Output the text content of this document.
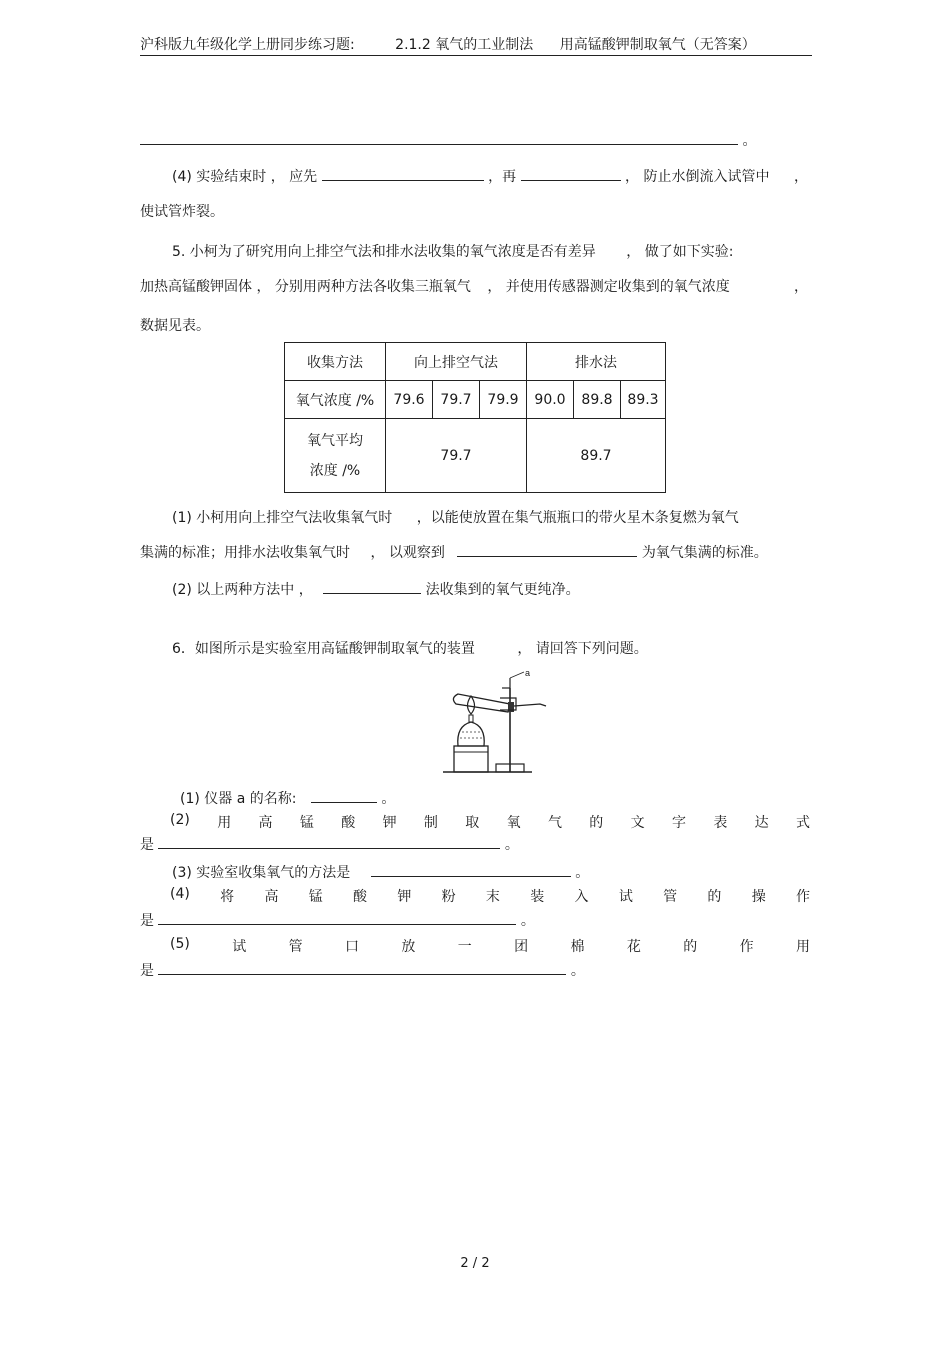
沪科版九年级化学上册同步练习题:	2.1.2 氧气的工业制法 用高锰酸钾制取氧气（无答案）
。
(4) 实验结束时 ， 应先	，再	， 防止水倒流入试管中 ，
使试管炸裂。
5. 小柯为了研究用向上排空气法和排水法收集的氧气浓度是否有差异 ， 做了如下实验:
加热高锰酸钾固体 ， 分别用两种方法各收集三瓶氧气 ， 并使用传感器测定收集到的氧气浓度	，
数据见表。
收集方法	向上排空气法			排水法		
氧气浓度 /%	79.6	79.7	79.9	90.0	89.8	89.3
氧气平均
浓度 /%	79.7			89.7		
(1) 小柯用向上排空气法收集氧气时 ，以能使放置在集气瓶瓶口的带火星木条复燃为氧气
集满的标准；用排水法收集氧气时 ， 以观察到	为氧气集满的标准。
(2) 以上两种方法中 ，	法收集到的氧气更纯净。
6．如图所示是实验室用高锰酸钾制取氧气的装置	， 请回答下列问题。
a
(1) 仪器 a 的名称:	。
(2) 用 高 锰 酸 钾 制 取 氧 气 的 文 字 表 达 式
是	。
(3) 实验室收集氧气的方法是	。
(4) 将 高 锰 酸 钾 粉 末 装 入 试 管 的 操 作
是	。
(5)	试	管	口	放	一	团	棉	花	的	作	用
是	。
2 / 2
